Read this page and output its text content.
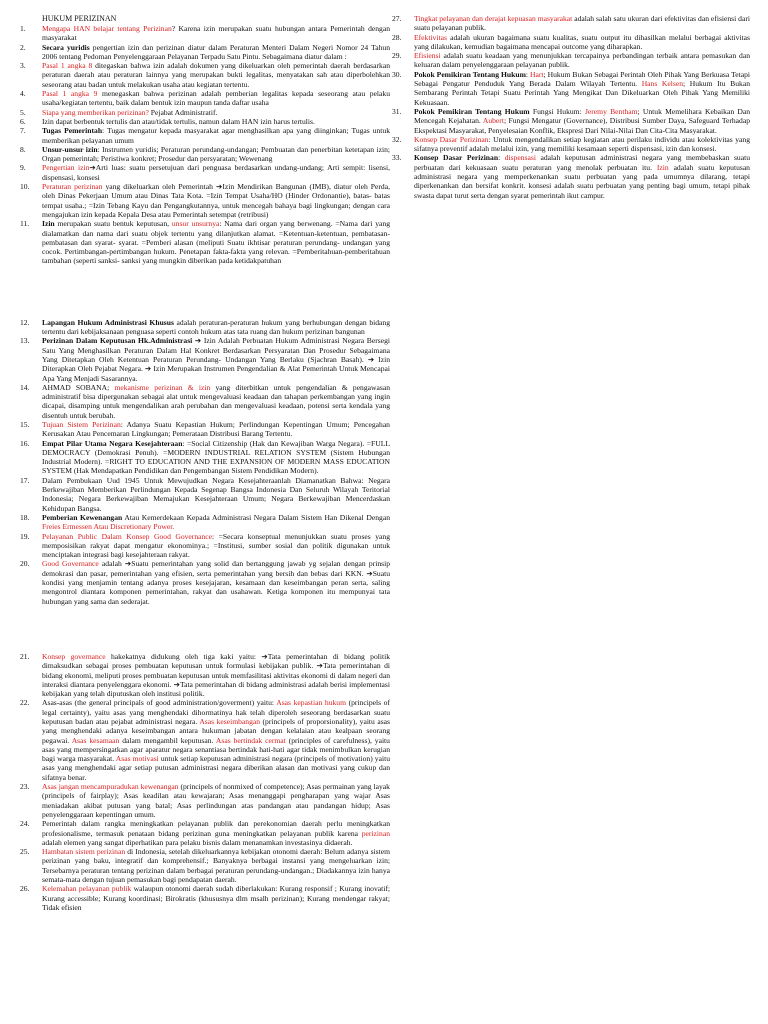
HUKUM PERIZINAN
1.	Mengapa HAN belajar tentang Perizinan? Karena izin merupakan suatu hubungan antara Pemerintah dengan masyarakat
2.	Secara yuridis pengertian izin dan perizinan diatur dalam Peraturan Menteri Dalam Negeri Nomor 24 Tahun 2006 tentang Pedoman Penyelenggaraan Pelayanan Terpadu Satu Pintu. Sebagaimana diatur dalam :
3.	Pasal 1 angka 8 ditegaskan bahwa izin adalah dokumen yang dikeluarkan oleh pemerintah daerah berdasarkan peraturan daerah atau peraturan lainnya yang merupakan bukti legalitas, menyatakan sah atau diperbolehkan seseorang atau badan untuk melakukan usaha atau kegiatan tertentu.
4.	Pasal 1 angka 9 menegaskan bahwa perizinan adalah pemberian legalitas kepada seseorang atau pelaku usaha/kegiatan tertentu, baik dalam bentuk izin maupun tanda daftar usaha
5.	Siapa yang memberikan perizinan? Pejabat Administratif.
6.	Izin dapat berbentuk tertulis dan atau/tidak tertulis, namun dalam HAN izin harus tertulis.
7.	Tugas Pemerintah: Tugas mengatur kepada masyarakat agar menghasilkan apa yang diinginkan; Tugas untuk memberikan pelayanan umum
8.	Unsur-unsur izin: Instrumen yuridis; Peraturan perundang-undangan; Pembuatan dan penerbitan ketetapan izin; Organ pemerintah; Peristiwa konkret; Prosedur dan persyaratan; Wewenang
9.	Pengertian izin➔Arti luas: suatu persetujuan dari penguasa berdasarkan undang-undang; Arti sempit: lisensi, dispensasi, konsesi
10.	Peraturan perizinan yang dikeluarkan oleh Pemerintah ➔Izin Mendirikan Bangunan (IMB), diatur oleh Perda, oleh Dinas Pekerjaan Umum atau Dinas Tata Kota. =Izin Tempat Usaha/HO (Hinder Ordonantie), batas- batas tempat usaha.; =Izin Tebang Kayu dan Pengangkutannya, untuk mencegah bahaya bagi lingkungan; dengan cara mengajukan izin kepada Kepala Desa atau Pemerintah setempat (retribusi)
11.	Izin merupakan suatu bentuk keputusan, unsur unsurnya: Nama dari organ yang berwenang. =Nama dari yang dialamatkan dan nama dari suatu objek tertentu yang dilanjutkan alamat. =Ketentuan-ketentuan, pembatasan-pembatasan dan syarat- syarat. =Pemberi alasan (meliputi Suatu ikhtisar peraturan perundang- undangan yang cocok. Pertimbangan-pertimbangan hukum. Penetapan fakta-fakta yang relevan. =Pemberitahuan-pemberitahuan tambahan (seperti sanksi- sanksi yang mungkin diberikan pada ketidakpatuhan
12.	Lapangan Hukum Administrasi Khusus adalah peraturan-peraturan hukum yang berhubungan dengan bidang tertentu dari kebijaksanaan penguasa seperti contoh hukum atas tata ruang dan hukum perizinan bangunan
13.	Perizinan Dalam Keputusan Hk.Administrasi ➔ Izin Adalah Perbuatan Hukum Administrasi Negara Bersegi Satu Yang Menghasilkan Peraturan Dalam Hal Konkret Berdasarkan Persyaratan Dan Prosedur Sebagaimana Yang Ditetapkan Oleh Ketentuan Peraturan Perundang- Undangan Yang Berlaku (Sjachran Basah). ➔ Izin Diterapkan Oleh Pejabat Negara. ➔ Izin Merupakan Instrumen Pengendalian & Alat Pemerintah Untuk Mencapai Apa Yang Menjadi Sasarannya.
14.	AHMAD SOBANA; mekanisme perizinan & izin yang diterbitkan untuk pengendalian & pengawasan administratif bisa dipergunakan sebagai alat untuk mengevaluasi keadaan dan tahapan perkembangan yang ingin dicapai, disamping untuk mengendalikan arah perubahan dan mengevaluasi keadaan, potensi serta kendala yang disentuh untuk berubah.
15.	Tujuan Sistem Perizinan: Adanya Suatu Kepastian Hukum; Perlindungan Kepentingan Umum; Pencegahan Kerusakan Atau Pencemaran Lingkungan; Pemerataan Distribusi Barang Tertentu.
16.	Empat Pilar Utama Negara Kesejahteraan: =Social Citizenship (Hak dan Kewajiban Warga Negara). =FULL DEMOCRACY (Demokrasi Penuh). =MODERN INDUSTRIAL RELATION SYSTEM (Sistem Hubungan Industrial Modern). =RIGHT TO EDUCATION AND THE EXPANSION OF MODERN MASS EDUCATION SYSTEM (Hak Mendapatkan Pendidikan dan Pengembangan Sistem Pendidikan Modern).
17.	Dalam Pembukaan Uud 1945 Untuk Mewujudkan Negara Kesejahteraanlah Diamanatkan Bahwa: Negara Berkewajiban Memberikan Perlindungan Kepada Segenap Bangsa Indonesia Dan Seluruh Wilayah Teritorial Indonesia; Negara Berkewajiban Memajukan Kesejahteraan Umum; Negara Berkewajiban Mencerdaskan Kehidupan Bangsa.
18.	Pemberian Kewenangan Atau Kemerdekaan Kepada Administrasi Negara Dalam Sistem Han Dikenal Dengan Freies Ermessen Atau Discretionary Power.
19.	Pelayanan Public Dalam Konsep Good Governance: =Secara konseptual menunjukkan suatu proses yang memposisikan rakyat dapat mengatur ekonominya.; =Institusi, sumber sosial dan politik digunakan untuk menciptakan integrasi bagi kesejahteraan rakyat.
20.	Good Governance adalah ➔Suatu pemerintahan yang solid dan bertanggung jawab yg sejalan dengan prinsip demokrasi dan pasar, pemerintahan yang efisien, serta pemerintahan yang bersih dan bebas dari KKN. ➔Suatu kondisi yang menjamin tentang adanya proses kesejajaran, kesamaan dan keseimbangan peran serta, saling mengontrol diantara komponen pemerintahan, rakyat dan usahawan. Ketiga komponen itu mempunyai tata hubungan yang sama dan sederajat.
21.	Konsep governance hakekatnya didukung oleh tiga kaki yaitu: ➔Tata pemerintahan di bidang politik dimaksudkan sebagai proses pembuatan keputusan untuk formulasi kebijakan publik. ➔Tata pemerintahan di bidang ekonomi, meliputi proses pembuatan keputusan untuk memfasilitasi aktivitas ekonomi di dalam negeri dan interaksi diantara penyelenggara ekonomi. ➔Tata pemerintahan di bidang administrasi adalah berisi implementasi kebijakan yang telah diputuskan oleh institusi politik.
22.	Asas-asas (the general principals of good administration/goverment) yaitu: Asas kepastian hukum (principels of legal certainty), yaitu asas yang menghendaki dihormatinya hak telah diperoleh seseorang berdasarkan suatu keputusan badan atau pejabat administrasi negara. Asas keseimbangan (principels of proporsionality), yaitu asas yang menghendaki adanya keseimbangan antara hukuman jabatan dengan kelalaian atau kealpaan seorang pegawai. Asas kesamaan dalam mengambil keputusan. Asas bertindak cermat (principles of carefulness), yaitu asas yang mempersingatkan agar aparatur negara senantiasa bertindak hati-hati agar tidak menimbulkan kerugian bagi warga masyarakat. Asas motivasi untuk setiap keputusan administrasi negara (principels of motivation) yaitu asas yang menghendaki agar setiap putusan administrasi negara diberikan alasan dan motivasi yang cukup dan sifatnya benar.
23.	Asas jangan mencampuradukan kewenangan (principels of nonmixed of competence); Asas permainan yang layak (principels of fairplay); Asas keadilan atau kewajaran; Asas menanggapi pengharapan yang wajar Asas meniadakan akibat putusan yang batal; Asas perlindungan atas pandangan atau pandangan hidup; Asas penyelenggaraan kepentingan umum.
24.	Pemerintah dalam rangka meningkatkan pelayanan publik dan perekonomian daerah perlu meningkatkan profesionalisme, termasuk penataan bidang perizinan guna meningkatkan pelayanan publik karena perizinan adalah elemen yang sangat diperhatikan para pelaku bisnis dalam menanamkan investasinya didaerah.
25.	Hambatan sistem perizinan di Indonesia, setelah dikeluarkannya kebijakan otonomi daerah: Belum adanya sistem perizinan yang baku, integratif dan komprehensif.; Banyaknya berbagai instansi yang mengeluarkan izin; Tersebarnya peraturan tentang perizinan dalam berbagai peraturan perundang-undangan.; Diadakannya izin hanya semata-mata dengan tujuan pemasukan bagi pendapatan daerah.
26.	Kelemahan pelayanan publik walaupun otonomi daerah sudah diberlakukan: Kurang responsif ; Kurang inovatif; Kurang accessible; Kurang koordinasi; Birokratis (khususnya dlm msalh perizinan); Kurang mendengar rakyat; Tidak efisien
27.	Tingkat pelayanan dan derajat kepuasan masyarakat adalah salah satu ukuran dari efektivitas dan efisiensi dari suatu pelayanan publik.
28.	Efektivitas adalah ukuran bagaimana suatu kualitas, suatu output itu dihasilkan melalui berbagai aktivitas yang dilakukan, kemudian bagaimana mencapai outcome yang diharapkan.
29.	Efisiensi adalah suatu keadaan yang menunjukkan tercapainya perbandingan terbaik antara pemasukan dan keluaran dalam penyelenggaraan pelayanan publik.
30.	Pokok Pemikiran Tentang Hukum: Hart; Hukum Bukan Sebagai Perintah Oleh Pihak Yang Berkuasa Tetapi Sebagai Pengatur Penduduk Yang Berada Dalam Wilayah Tertentu. Hans Kelsen; Hukum Itu Bukan Sembarang Perintah Tetapi Suatu Perintah Yang Mengikat Dan Dikeluarkan Oleh Pihak Yang Memiliki Kekuasaan.
31.	Pokok Pemikiran Tentang Hukum Fungsi Hukum: Jeremy Bentham; Untuk Memelihara Kebaikan Dan Mencegah Kejahatan. Aubert; Fungsi Mengatur (Governance), Distribusi Sumber Daya, Safeguard Terhadap Ekspektasi Masyarakat, Penyelesaian Konflik, Ekspresi Dari Nilai-Nilai Dan Cita-Cita Masyarakat.
32.	Konsep Dasar Perizinan: Untuk mengendalikan setiap kegiatan atau perilaku individu atau kolektivitas yang sifatnya preventif adalah melalui izin, yang memiliki kesamaan seperti dispensasi, izin dan konsesi.
33.	Konsep Dasar Perizinan: dispensasi adalah keputusan administrasi negara yang membebaskan suatu perbuatan dari kekuasaan suatu peraturan yang menolak perbuatan itu. Izin adalah suatu keputusan administrasi negara yang memperkenankan suatu perbuatan yang pada umumnya dilarang, tetapi diperkenankan dan bersifat konkrit. konsesi adalah suatu perbuatan yang penting bagi umum, tetapi pihak swasta dapat turut serta dengan syarat pemerintah ikut campur.
